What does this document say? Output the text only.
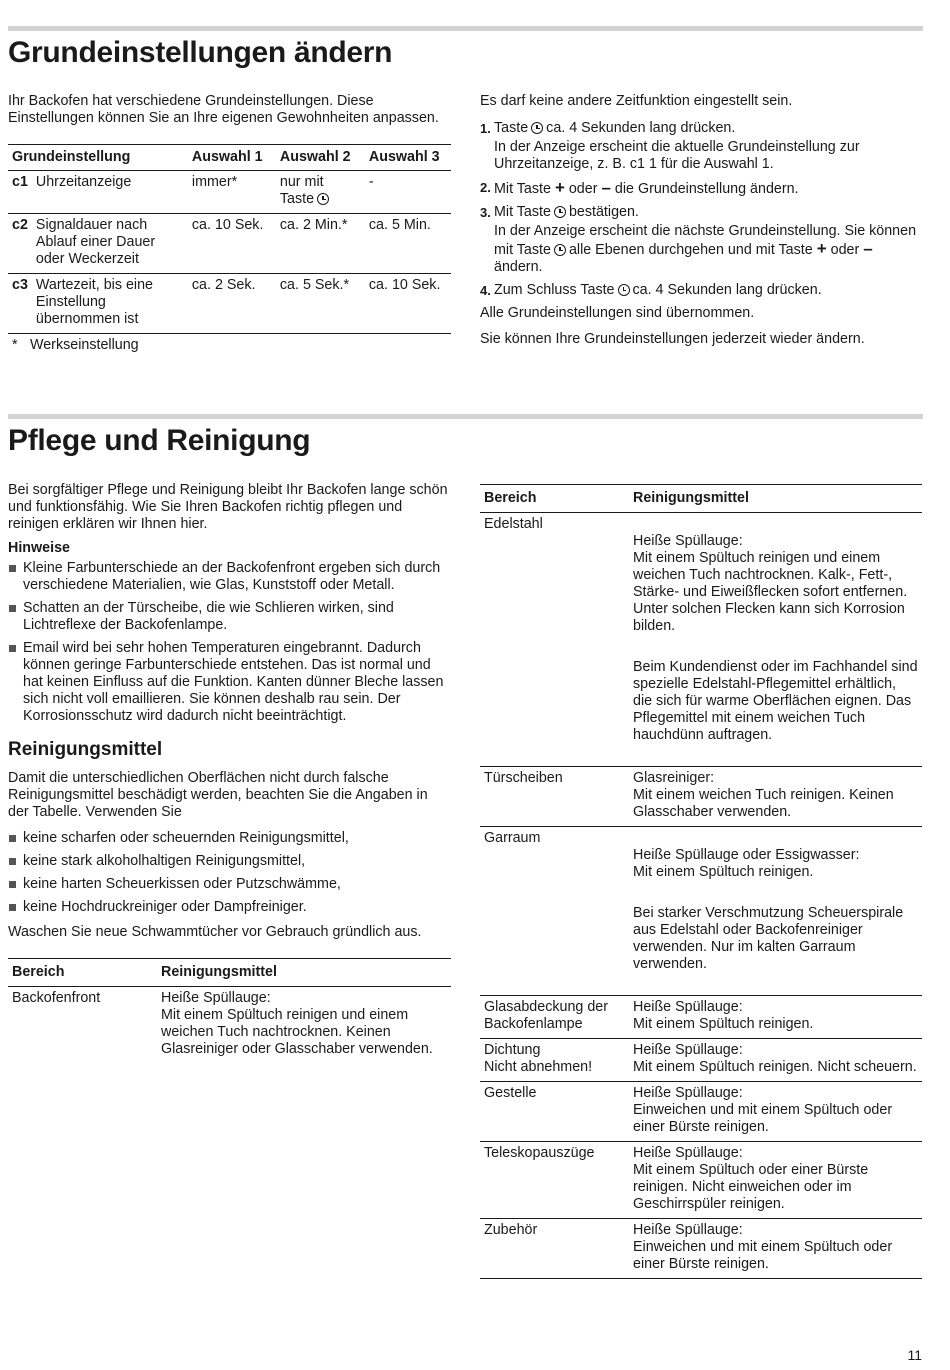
Grundeinstellungen ändern

Ihr Backofen hat verschiedene Grundeinstellungen. Diese Einstellungen können Sie an Ihre eigenen Gewohnheiten anpassen.

Grundeinstellung		Auswahl 1	Auswahl 2	Auswahl 3
c1	Uhrzeitanzeige	immer*	nur mit Taste	-
c2	Signaldauer nach Ablauf einer Dauer oder Weckerzeit	ca. 10 Sek.	ca. 2 Min.*	ca. 5 Min.
c3	Wartezeit, bis eine Einstellung übernommen ist	ca. 2 Sek.	ca. 5 Sek.*	ca. 10 Sek.
* Werkseinstellung

Es darf keine andere Zeitfunktion eingestellt sein.

1. Taste ca. 4 Sekunden lang drücken.
In der Anzeige erscheint die aktuelle Grundeinstellung zur Uhrzeitanzeige, z. B. c1 1 für die Auswahl 1.
2. Mit Taste + oder – die Grundeinstellung ändern.
3. Mit Taste bestätigen.
In der Anzeige erscheint die nächste Grundeinstellung. Sie können mit Taste alle Ebenen durchgehen und mit Taste + oder – ändern.
4. Zum Schluss Taste ca. 4 Sekunden lang drücken.

Alle Grundeinstellungen sind übernommen.

Sie können Ihre Grundeinstellungen jederzeit wieder ändern.

Pflege und Reinigung

Bei sorgfältiger Pflege und Reinigung bleibt Ihr Backofen lange schön und funktionsfähig. Wie Sie Ihren Backofen richtig pflegen und reinigen erklären wir Ihnen hier.

Hinweise
Kleine Farbunterschiede an der Backofenfront ergeben sich durch verschiedene Materialien, wie Glas, Kunststoff oder Metall.
Schatten an der Türscheibe, die wie Schlieren wirken, sind Lichtreflexe der Backofenlampe.
Email wird bei sehr hohen Temperaturen eingebrannt. Dadurch können geringe Farbunterschiede entstehen. Das ist normal und hat keinen Einfluss auf die Funktion. Kanten dünner Bleche lassen sich nicht voll emaillieren. Sie können deshalb rau sein. Der Korrosionsschutz wird dadurch nicht beeinträchtigt.
Reinigungsmittel

Damit die unterschiedlichen Oberflächen nicht durch falsche Reinigungsmittel beschädigt werden, beachten Sie die Angaben in der Tabelle. Verwenden Sie

keine scharfen oder scheuernden Reinigungsmittel,
keine stark alkoholhaltigen Reinigungsmittel,
keine harten Scheuerkissen oder Putzschwämme,
keine Hochdruckreiniger oder Dampfreiniger.

Waschen Sie neue Schwammtücher vor Gebrauch gründlich aus.

Bereich	Reinigungsmittel
Backofenfront	Heiße Spüllauge:
Mit einem Spültuch reinigen und einem weichen Tuch nachtrocknen. Keinen Glasreiniger oder Glasschaber verwenden.

Bereich	Reinigungsmittel
Edelstahl	Heiße Spüllauge:
Mit einem Spültuch reinigen und einem weichen Tuch nachtrocknen. Kalk-, Fett-, Stärke- und Eiweißflecken sofort entfernen. Unter solchen Flecken kann sich Korrosion bilden.

Beim Kundendienst oder im Fachhandel sind spezielle Edelstahl-Pflegemittel erhältlich, die sich für warme Oberflächen eignen. Das Pflegemittel mit einem weichen Tuch hauchdünn auftragen.

Türscheiben	Glasreiniger:
Mit einem weichen Tuch reinigen. Keinen Glasschaber verwenden.

Garraum	Heiße Spüllauge oder Essigwasser:
Mit einem Spültuch reinigen.

Bei starker Verschmutzung Scheuerspirale aus Edelstahl oder Backofenreiniger verwenden. Nur im kalten Garraum verwenden.

Glasabdeckung der Backofenlampe	Heiße Spüllauge:
Mit einem Spültuch reinigen.

Dichtung
Nicht abnehmen!	Heiße Spüllauge:
Mit einem Spültuch reinigen. Nicht scheuern.

Gestelle	Heiße Spüllauge:
Einweichen und mit einem Spültuch oder einer Bürste reinigen.

Teleskopauszüge	Heiße Spüllauge:
Mit einem Spültuch oder einer Bürste reinigen. Nicht einweichen oder im Geschirrspüler reinigen.

Zubehör	Heiße Spüllauge:
Einweichen und mit einem Spültuch oder einer Bürste reinigen.

11
